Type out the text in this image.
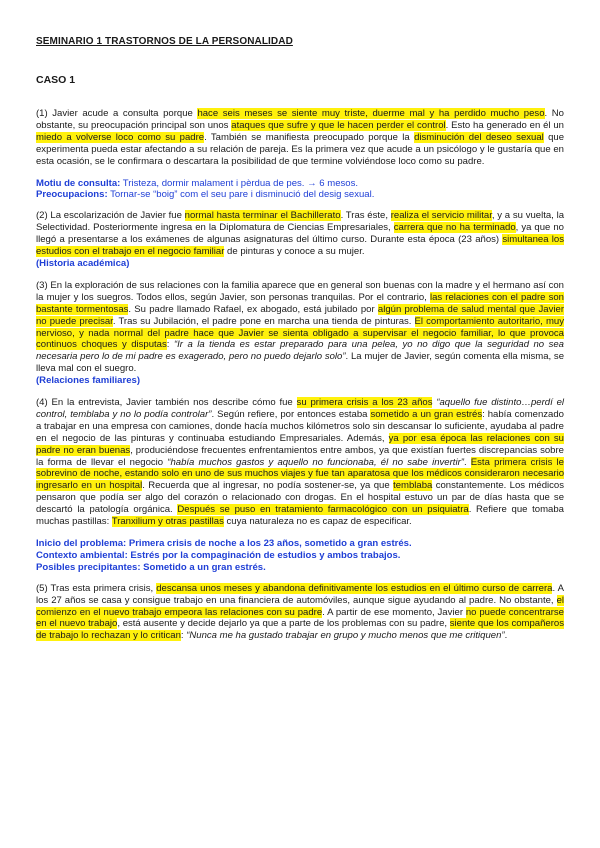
SEMINARIO 1 TRASTORNOS DE LA PERSONALIDAD
CASO 1

(1) Javier acude a consulta porque hace seis meses se siente muy triste, duerme mal y ha perdido mucho peso. No obstante, su preocupación principal son unos ataques que sufre y que le hacen perder el control. Esto ha generado en él un miedo a volverse loco como su padre. También se manifiesta preocupado porque la disminución del deseo sexual que experimenta pueda estar afectando a su relación de pareja. Es la primera vez que acude a un psicólogo y le gustaría que en esta ocasión, se le confirmara o descartara la posibilidad de que termine volviéndose loco como su padre.

Motiu de consulta: Tristeza, dormir malament i pèrdua de pes. → 6 mesos.
Preocupacions: Tornar-se “boig” com el seu pare i disminució del desig sexual.

(2) La escolarización de Javier fue normal hasta terminar el Bachillerato. Tras éste, realiza el servicio militar, y a su vuelta, la Selectividad. Posteriormente ingresa en la Diplomatura de Ciencias Empresariales, carrera que no ha terminado, ya que no llegó a presentarse a los exámenes de algunas asignaturas del último curso. Durante esta época (23 años) simultanea los estudios con el trabajo en el negocio familiar de pinturas y conoce a su mujer.
(Historia académica)

(3) En la exploración de sus relaciones con la familia aparece que en general son buenas con la madre y el hermano así con la mujer y los suegros. Todos ellos, según Javier, son personas tranquilas. Por el contrario, las relaciones con el padre son bastante tormentosas. Su padre llamado Rafael, ex abogado, está jubilado por algún problema de salud mental que Javier no puede precisar. Tras su Jubilación, el padre pone en marcha una tienda de pinturas. El comportamiento autoritario, muy nervioso, y nada normal del padre hace que Javier se sienta obligado a supervisar el negocio familiar, lo que provoca continuos choques y disputas: “Ir a la tienda es estar preparado para una pelea, yo no digo que la seguridad no sea necesaria pero lo de mi padre es exagerado, pero no puedo dejarlo solo”. La mujer de Javier, según comenta ella misma, se lleva mal con el suegro.
(Relaciones familiares)

(4) En la entrevista, Javier también nos describe cómo fue su primera crisis a los 23 años “aquello fue distinto…perdí el control, temblaba y no lo podía controlar”. Según refiere, por entonces estaba sometido a un gran estrés: había comenzado a trabajar en una empresa con camiones, donde hacía muchos kilómetros solo sin descansar lo suficiente, ayudaba al padre en el negocio de las pinturas y continuaba estudiando Empresariales. Además, ya por esa época las relaciones con su padre no eran buenas, produciéndose frecuentes enfrentamientos entre ambos, ya que existían fuertes discrepancias sobre la forma de llevar el negocio “había muchos gastos y aquello no funcionaba, él no sabe invertir”. Esta primera crisis le sobrevino de noche, estando solo en uno de sus muchos viajes y fue tan aparatosa que los médicos consideraron necesario ingresarlo en un hospital. Recuerda que al ingresar, no podía sostener-se, ya que temblaba constantemente. Los médicos pensaron que podía ser algo del corazón o relacionado con drogas. En el hospital estuvo un par de días hasta que se descartó la patología orgánica. Después se puso en tratamiento farmacológico con un psiquiatra. Refiere que tomaba muchas pastillas: Tranxilium y otras pastillas cuya naturaleza no es capaz de especificar.

Inicio del problema: Primera crisis de noche a los 23 años, sometido a gran estrés.
Contexto ambiental: Estrés por la compaginación de estudios y ambos trabajos.
Posibles precipitantes: Sometido a un gran estrés.

(5) Tras esta primera crisis, descansa unos meses y abandona definitivamente los estudios en el último curso de carrera. A los 27 años se casa y consigue trabajo en una financiera de automóviles, aunque sigue ayudando al padre. No obstante, el comienzo en el nuevo trabajo empeora las relaciones con su padre. A partir de ese momento, Javier no puede concentrarse en el nuevo trabajo, está ausente y decide dejarlo ya que a parte de los problemas con su padre, siente que los compañeros de trabajo lo rechazan y lo critican: “Nunca me ha gustado trabajar en grupo y mucho menos que me critiquen”.
